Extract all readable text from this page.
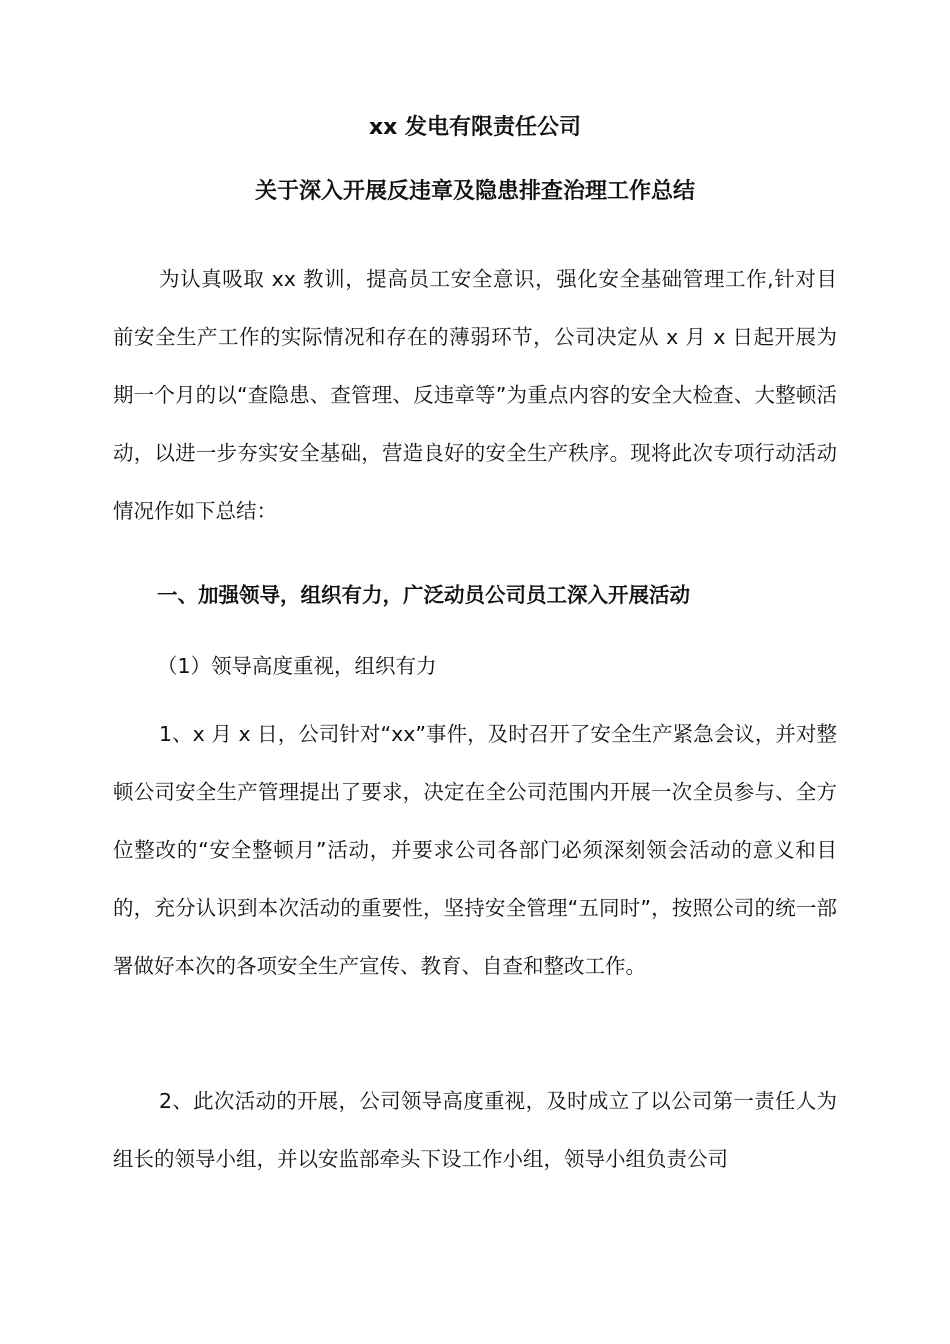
xx 发电有限责任公司
关于深入开展反违章及隐患排查治理工作总结

为认真吸取 xx 教训，提高员工安全意识，强化安全基础管理工作,针对目前安全生产工作的实际情况和存在的薄弱环节，公司决定从 x 月 x 日起开展为期一个月的以“查隐患、查管理、反违章等”为重点内容的安全大检查、大整顿活动，以进一步夯实安全基础，营造良好的安全生产秩序。现将此次专项行动活动情况作如下总结：

一、加强领导，组织有力，广泛动员公司员工深入开展活动
（1）领导高度重视，组织有力

1、x 月 x 日，公司针对“xx”事件，及时召开了安全生产紧急会议，并对整顿公司安全生产管理提出了要求，决定在全公司范围内开展一次全员参与、全方位整改的“安全整顿月”活动，并要求公司各部门必须深刻领会活动的意义和目的，充分认识到本次活动的重要性，坚持安全管理“五同时”，按照公司的统一部署做好本次的各项安全生产宣传、教育、自查和整改工作。

2、此次活动的开展，公司领导高度重视，及时成立了以公司第一责任人为组长的领导小组，并以安监部牵头下设工作小组，领导小组负责公司
